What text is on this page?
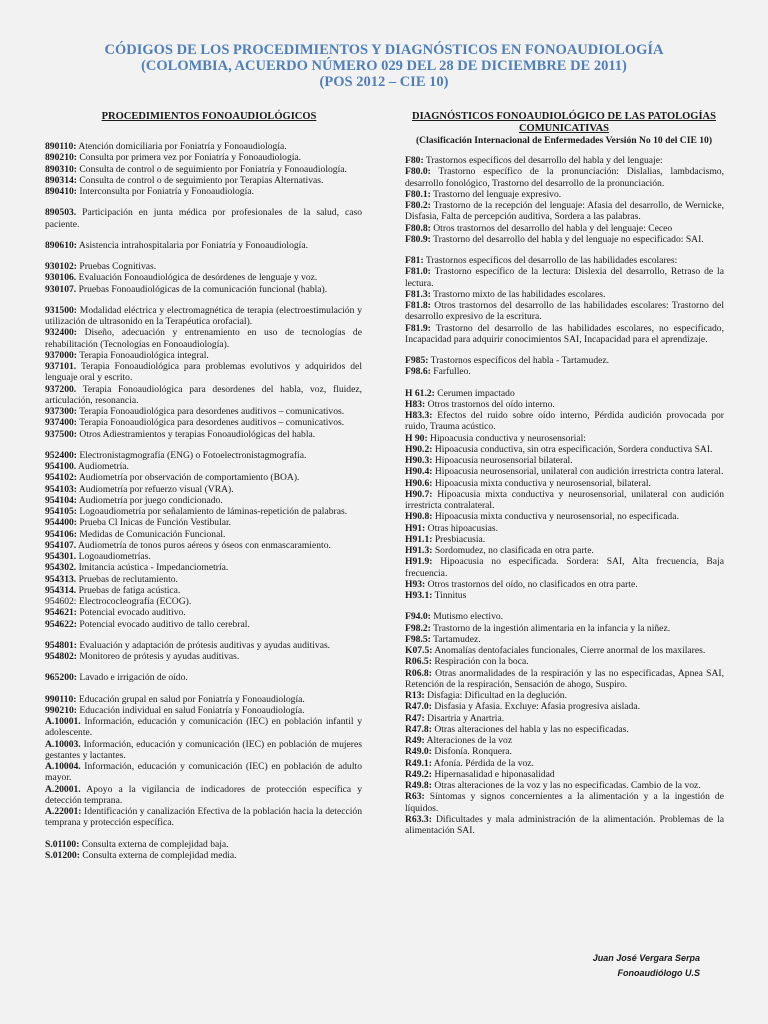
CÓDIGOS DE LOS PROCEDIMIENTOS Y DIAGNÓSTICOS EN FONOAUDIOLOGÍA
(COLOMBIA, ACUERDO NÚMERO 029 DEL 28 DE DICIEMBRE DE 2011)
(POS 2012 – CIE 10)
PROCEDIMIENTOS FONOAUDIOLÓGICOS	DIAGNÓSTICOS FONOAUDIOLÓGICO DE LAS PATOLOGÍAS
COMUNICATIVAS
(Clasificación Internacional de Enfermedades Versión No 10 del CIE 10)

890110: Atención domiciliaria por Foniatría y Fonoaudiología.

890210: Consulta por primera vez por Foniatría y Fonoaudiología.

890310: Consulta de control o de seguimiento por Foniatría y Fonoaudiología.

890314: Consulta de control o de seguimiento por Terapias Alternativas.

890410: Interconsulta por Foniatría y Fonoaudiología.

890503. Participación en junta médica por profesionales de la salud, caso paciente.

890610: Asistencia intrahospitalaria por Foniatría y Fonoaudiología.

930102: Pruebas Cognitivas.

930106. Evaluación Fonoaudiológica de desórdenes de lenguaje y voz.

930107. Pruebas Fonoaudiológicas de la comunicación funcional (habla).

931500: Modalidad eléctrica y electromagnética de terapia (electroestimulación y utilización de ultrasonido en la Terapéutica orofacial).

932400: Diseño, adecuación y entrenamiento en uso de tecnologías de rehabilitación (Tecnologías en Fonoaudiología).

937000: Terapia Fonoaudiológica integral.

937101. Terapia Fonoaudiológica para problemas evolutivos y adquiridos del lenguaje oral y escrito.

937200. Terapia Fonoaudiológica para desordenes del habla, voz, fluidez, articulación, resonancia.

937300: Terapia Fonoaudiológica para desordenes auditivos – comunicativos.

937400: Terapia Fonoaudiológica para desordenes auditivos – comunicativos.

937500: Otros Adiestramientos y terapias Fonoaudiológicas del habla.

952400: Electronistagmografía (ENG) o Fotoelectronistagmografía.

954100. Audiometría.

954102: Audiometría por observación de comportamiento (BOA).

954103: Audiometría por refuerzo visual (VRA).

954104: Audiometría por juego condicionado.

954105: Logoaudiometría por señalamiento de láminas-repetición de palabras.

954400: Prueba Cl Inicas de Función Vestibular.

954106: Medidas de Comunicación Funcional.

954107. Audiometría de tonos puros aéreos y óseos con enmascaramiento.

954301. Logoaudiometrías.

954302. Imitancia acústica - Impedanciometría.

954313. Pruebas de reclutamiento.

954314. Pruebas de fatiga acústica.

954602: Electrococleografía (ECOG).

954621: Potencial evocado auditivo.

954622: Potencial evocado auditivo de tallo cerebral.

954801: Evaluación y adaptación de prótesis auditivas y ayudas auditivas.

954802: Monitoreo de prótesis y ayudas auditivas.

965200: Lavado e irrigación de oído.

990110: Educación grupal en salud por Foniatría y Fonoaudiología.

990210: Educación individual en salud Foniatría y Fonoaudiología.

A.10001. Información, educación y comunicación (IEC) en población infantil y adolescente.

A.10003. Información, educación y comunicación (IEC) en población de mujeres gestantes y lactantes.

A.10004. Información, educación y comunicación (IEC) en población de adulto mayor.

A.20001. Apoyo a la vigilancia de indicadores de protección específica y detección temprana.

A.22001: Identificación y canalización Efectiva de la población hacia la detección temprana y protección específica.

S.01100: Consulta externa de complejidad baja.

S.01200: Consulta externa de complejidad media.

F80: Trastornos específicos del desarrollo del habla y del lenguaje:

F80.0: Trastorno específico de la pronunciación: Dislalias, lambdacismo, desarrollo fonológico, Trastorno del desarrollo de la pronunciación.

F80.1: Trastorno del lenguaje expresivo.

F80.2: Trastorno de la recepción del lenguaje: Afasia del desarrollo, de Wernicke, Disfasia, Falta de percepción auditiva, Sordera a las palabras.

F80.8: Otros trastornos del desarrollo del habla y del lenguaje: Ceceo

F80.9: Trastorno del desarrollo del habla y del lenguaje no especificado: SAI.

F81: Trastornos específicos del desarrollo de las habilidades escolares:

F81.0: Trastorno específico de la lectura: Dislexia del desarrollo, Retraso de la lectura.

F81.3: Trastorno mixto de las habilidades escolares.

F81.8: Otros trastornos del desarrollo de las habilidades escolares: Trastorno del desarrollo expresivo de la escritura.

F81.9: Trastorno del desarrollo de las habilidades escolares, no especificado, Incapacidad para adquirir conocimientos SAI, Incapacidad para el aprendizaje.

F985: Trastornos específicos del habla - Tartamudez.

F98.6: Farfulleo.

H 61.2: Cerumen impactado

H83: Otros trastornos del oído interno.

H83.3: Efectos del ruido sobre oído interno, Pérdida audición provocada por ruido, Trauma acústico.

H 90: Hipoacusia conductiva y neurosensorial:

H90.2: Hipoacusia conductiva, sin otra especificación, Sordera conductiva SAI.

H90.3: Hipoacusia neurosensorial bilateral.

H90.4: Hipoacusia neurosensorial, unilateral con audición irrestricta contra lateral.

H90.6: Hipoacusia mixta conductiva y neurosensorial, bilateral.

H90.7: Hipoacusia mixta conductiva y neurosensorial, unilateral con audición irrestricta contralateral.

H90.8: Hipoacusia mixta conductiva y neurosensorial, no especificada.

H91: Otras hipoacusias.

H91.1: Presbiacusia.

H91.3: Sordomudez, no clasificada en otra parte.

H91.9: Hipoacusia no especificada. Sordera: SAI, Alta frecuencia, Baja frecuencia.

H93: Otros trastornos del oído, no clasificados en otra parte.

H93.1: Tinnitus

F94.0: Mutismo electivo.

F98.2: Trastorno de la ingestión alimentaria en la infancia y la niñez.

F98.5: Tartamudez.

K07.5: Anomalías dentofaciales funcionales, Cierre anormal de los maxilares.

R06.5: Respiración con la boca.

R06.8: Otras anormalidades de la respiración y las no especificadas, Apnea SAI, Retención de la respiración, Sensación de ahogo, Suspiro.

R13: Disfagia: Dificultad en la deglución.

R47.0: Disfasia y Afasia. Excluye: Afasia progresiva aislada.

R47: Disartria y Anartria.

R47.8: Otras alteraciones del habla y las no especificadas.

R49: Alteraciones de la voz

R49.0: Disfonía. Ronquera.

R49.1: Afonía. Pérdida de la voz.

R49.2: Hipernasalidad e hiponasalidad

R49.8: Otras alteraciones de la voz y las no especificadas. Cambio de la voz.

R63: Síntomas y signos concernientes a la alimentación y a la ingestión de líquidos.

R63.3: Dificultades y mala administración de la alimentación. Problemas de la alimentación SAI.

Juan José Vergara Serpa
Fonoaudiólogo U.S
